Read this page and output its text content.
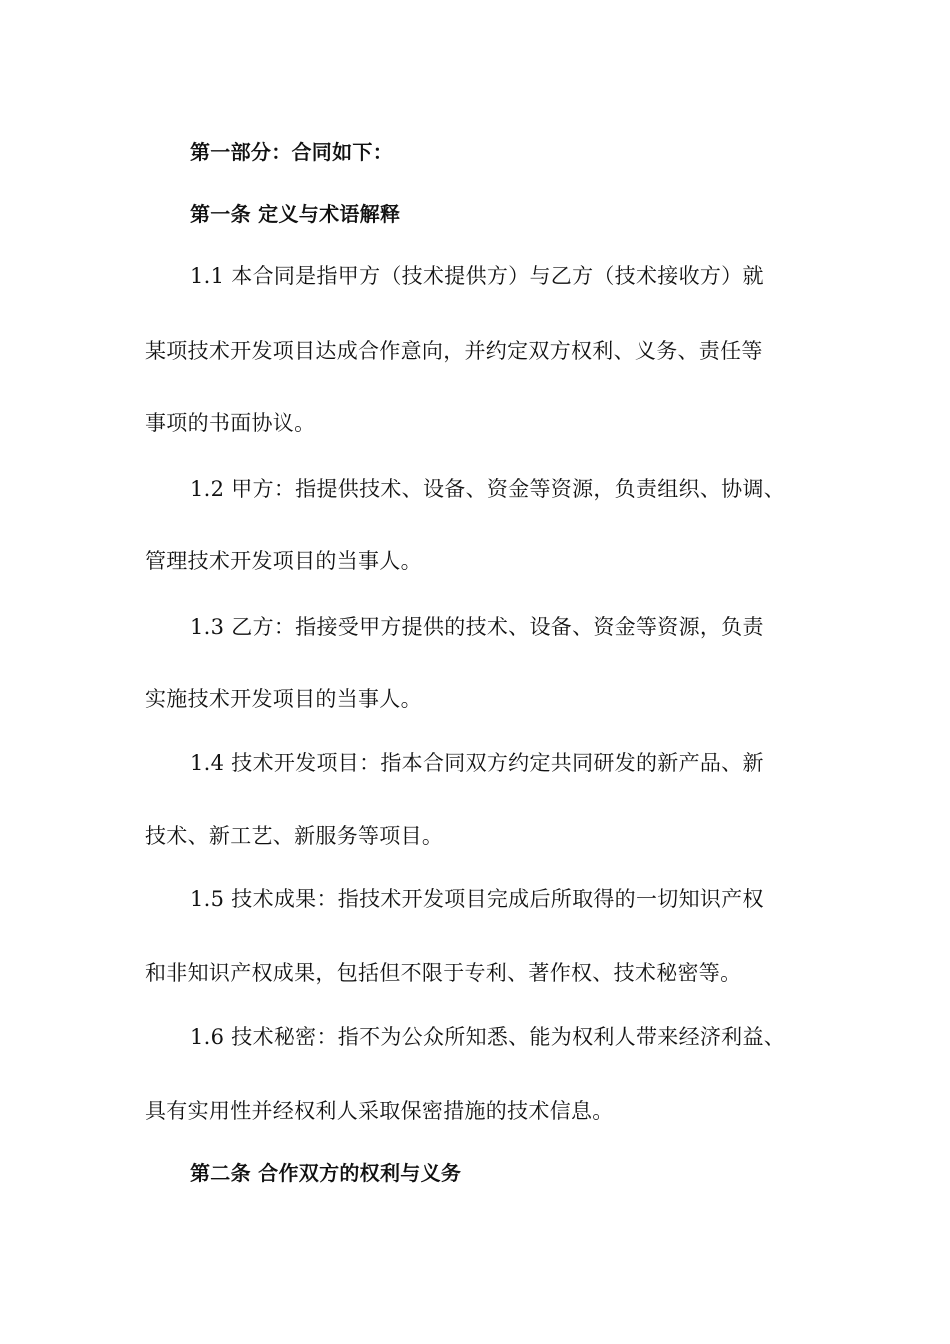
第一部分：合同如下：
第一条 定义与术语解释
1.1 本合同是指甲方（技术提供方）与乙方（技术接收方）就
某项技术开发项目达成合作意向，并约定双方权利、义务、责任等
事项的书面协议。
1.2 甲方：指提供技术、设备、资金等资源，负责组织、协调、
管理技术开发项目的当事人。
1.3 乙方：指接受甲方提供的技术、设备、资金等资源，负责
实施技术开发项目的当事人。
1.4 技术开发项目：指本合同双方约定共同研发的新产品、新
技术、新工艺、新服务等项目。
1.5 技术成果：指技术开发项目完成后所取得的一切知识产权
和非知识产权成果，包括但不限于专利、著作权、技术秘密等。
1.6 技术秘密：指不为公众所知悉、能为权利人带来经济利益、
具有实用性并经权利人采取保密措施的技术信息。
第二条 合作双方的权利与义务
